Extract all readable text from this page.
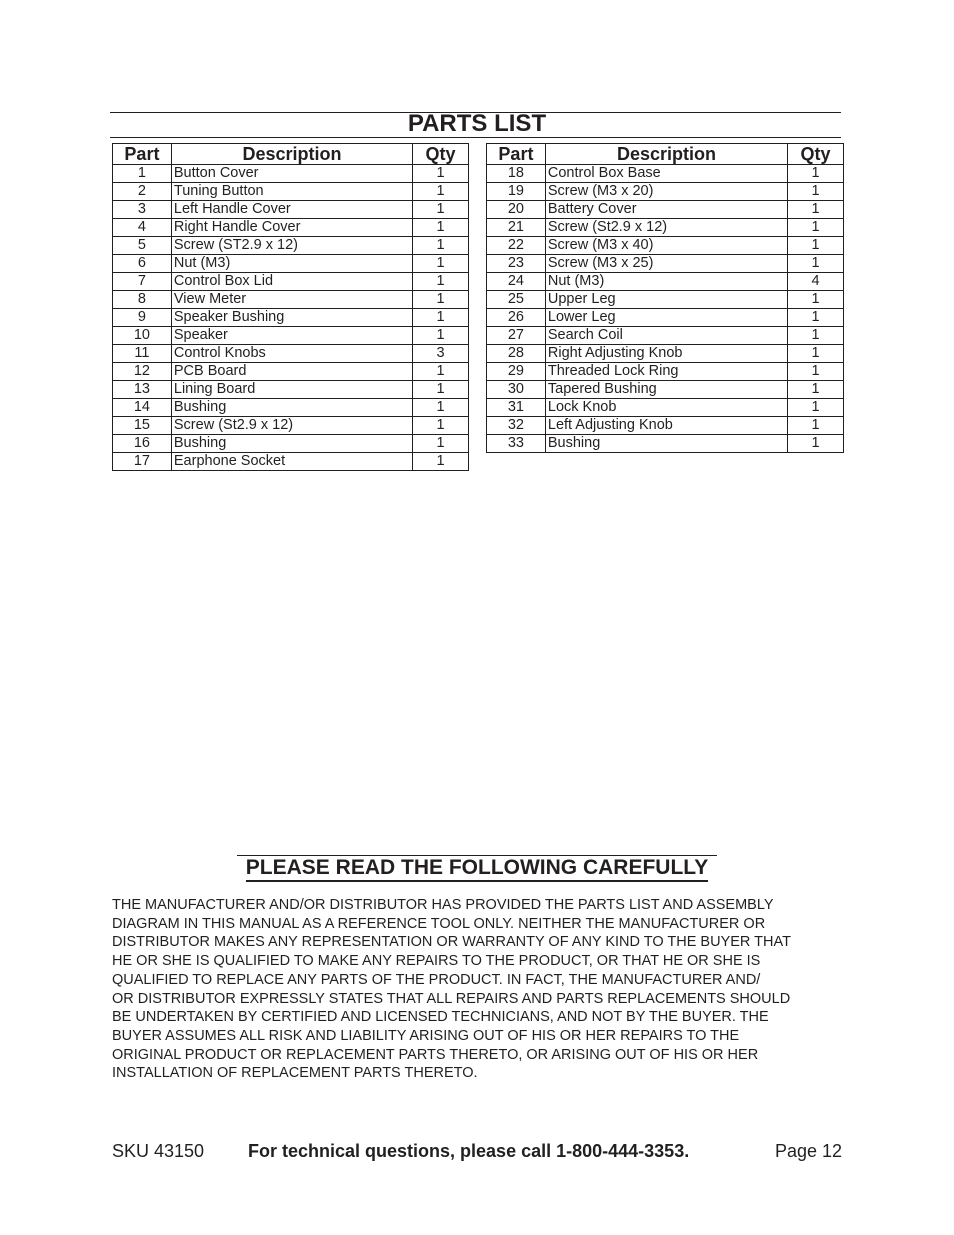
PARTS LIST
Part	Description	Qty
1	Button Cover	1
2	Tuning Button	1
3	Left Handle Cover	1
4	Right Handle Cover	1
5	Screw (ST2.9 x 12)	1
6	Nut (M3)	1
7	Control Box Lid	1
8	View Meter	1
9	Speaker Bushing	1
10	Speaker	1
11	Control Knobs	3
12	PCB Board	1
13	Lining Board	1
14	Bushing	1
15	Screw (St2.9 x 12)	1
16	Bushing	1
17	Earphone Socket	1
Part	Description	Qty
18	Control Box Base	1
19	Screw (M3 x 20)	1
20	Battery Cover	1
21	Screw (St2.9 x 12)	1
22	Screw (M3 x 40)	1
23	Screw (M3 x 25)	1
24	Nut (M3)	4
25	Upper Leg	1
26	Lower Leg	1
27	Search Coil	1
28	Right Adjusting Knob	1
29	Threaded Lock Ring	1
30	Tapered Bushing	1
31	Lock Knob	1
32	Left Adjusting Knob	1
33	Bushing	1
PLEASE READ THE FOLLOWING CAREFULLY
THE MANUFACTURER AND/OR DISTRIBUTOR HAS PROVIDED THE PARTS LIST AND ASSEMBLY
DIAGRAM IN THIS MANUAL AS A REFERENCE TOOL ONLY. NEITHER THE MANUFACTURER OR
DISTRIBUTOR MAKES ANY REPRESENTATION OR WARRANTY OF ANY KIND TO THE BUYER THAT
HE OR SHE IS QUALIFIED TO MAKE ANY REPAIRS TO THE PRODUCT, OR THAT HE OR SHE IS
QUALIFIED TO REPLACE ANY PARTS OF THE PRODUCT. IN FACT, THE MANUFACTURER AND/
OR DISTRIBUTOR EXPRESSLY STATES THAT ALL REPAIRS AND PARTS REPLACEMENTS SHOULD
BE UNDERTAKEN BY CERTIFIED AND LICENSED TECHNICIANS, AND NOT BY THE BUYER. THE
BUYER ASSUMES ALL RISK AND LIABILITY ARISING OUT OF HIS OR HER REPAIRS TO THE
ORIGINAL PRODUCT OR REPLACEMENT PARTS THERETO, OR ARISING OUT OF HIS OR HER
INSTALLATION OF REPLACEMENT PARTS THERETO.
SKU 43150 For technical questions, please call 1-800-444-3353.	Page 12
